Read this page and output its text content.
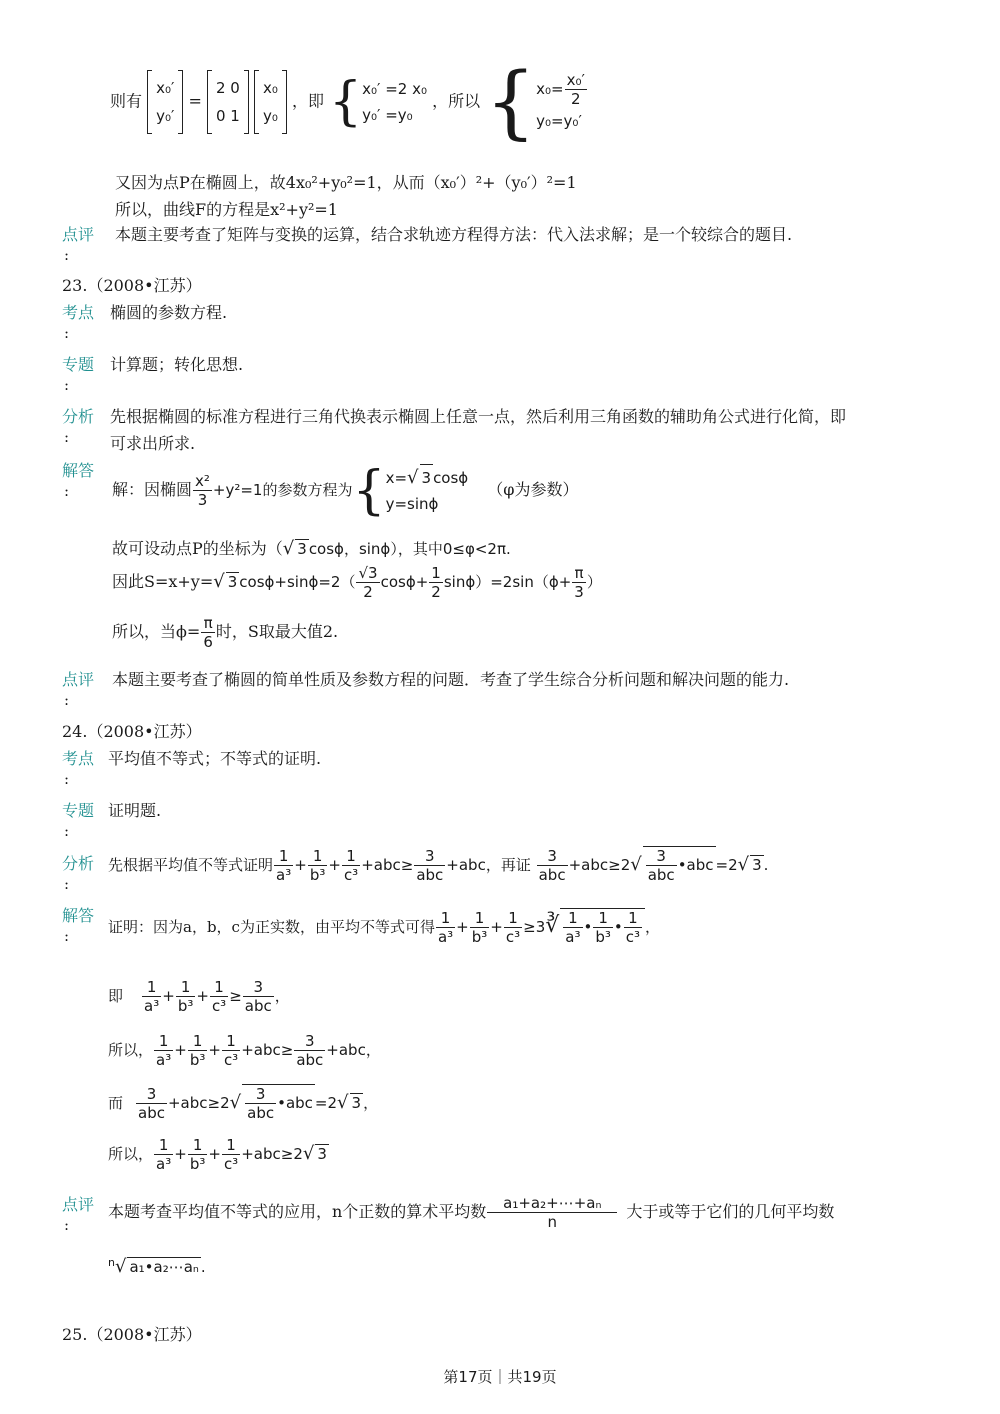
则有 x₀′
y₀′ = 2 0
0 1 x₀
y₀ ，即 {x₀′ =2 x₀
y₀′ =y₀ ，所以 {$x_0= \frac{\text{x₀′}}{2}$

y₀=y₀′
又因为点P在椭圆上，故4x₀²+y₀²=1，从而（x₀′）²+（y₀′）²=1
所以，曲线F的方程是x²+y²=1
点评
:
本题主要考查了矩阵与变换的运算，结合求轨迹方程得方法：代入法求解；是一个较综合的题目.
23.（2008•江苏）
考点
:
椭圆的参数方程.
专题
:
计算题；转化思想.
分析
:
先根据椭圆的标准方程进行三角代换表示椭圆上任意一点，然后利用三角函数的辅助角公式进行化简，即
可求出所求.
解答
:	解：因椭圆 $\frac{\text{x²}}{3} +y^2=1$的参数方程为{x=√ 3 cosϕ
y=sinϕ （φ为参数）
故可设动点P的坐标为（√ 3 cosϕ，sinϕ），其中0≤φ<2π.
因此S=x+y=√ 3 $\cos\phi+\sin\phi=2( \frac{√3}{2} \cos\phi+ \frac{1}{2} \sin\phi)=2\sin(\phi+ \frac{\pi}{3}$ ）
所以，当$\phi= \frac{\pi}{6}$ 时，S取最大值2.
点评
:
本题主要考查了椭圆的简单性质及参数方程的问题．考查了学生综合分析问题和解决问题的能力.
24.（2008•江苏）
考点
:
平均值不等式；不等式的证明.
专题
:
证明题.
分析
:
先根据平均值不等式证明 $\frac{1}{\text{a³}} + \frac{1}{\text{b³}} + \frac{1}{\text{c³}} +abc\ge \frac{3}{\text{abc}} +abc$，再证 $\frac{3}{\text{abc}} +abc\ge 2√ \frac{3}{\text{abc}}$ •abc =2√ 3 .
解答
:	证明：因为a，b，c为正实数，由平均不等式可得 $\frac{1}{\text{a³}} + \frac{1}{\text{b³}} + \frac{1}{\text{c³}}$ ≥3∛ $\frac{1}{\text{a³}}$ • $\frac{1}{\text{b³}}$ • $\frac{1}{\text{c³}}$ ，
即 $\frac{1}{\text{a³}} + \frac{1}{\text{b³}} + \frac{1}{\text{c³}} \ge \frac{3}{\text{abc}}$ ，
所以， $\frac{1}{\text{a³}} + \frac{1}{\text{b³}} + \frac{1}{\text{c³}} +abc\ge \frac{3}{\text{abc}} +abc$，
而 $\frac{3}{\text{abc}} +abc\ge 2√ \frac{3}{\text{abc}}$ •abc =2√ 3 ，
所以， $\frac{1}{\text{a³}} + \frac{1}{\text{b³}} + \frac{1}{\text{c³}} +abc\ge 2√$ 3
点评
:
本题考查平均值不等式的应用，n个正数的算术平均数 $\frac{\text{a₁+a₂+⋯+aₙ}}{n}$ 大于或等于它们的几何平均数
$^n$√ a₁•a₂⋯aₙ .
25.（2008•江苏）
第17页｜共19页
